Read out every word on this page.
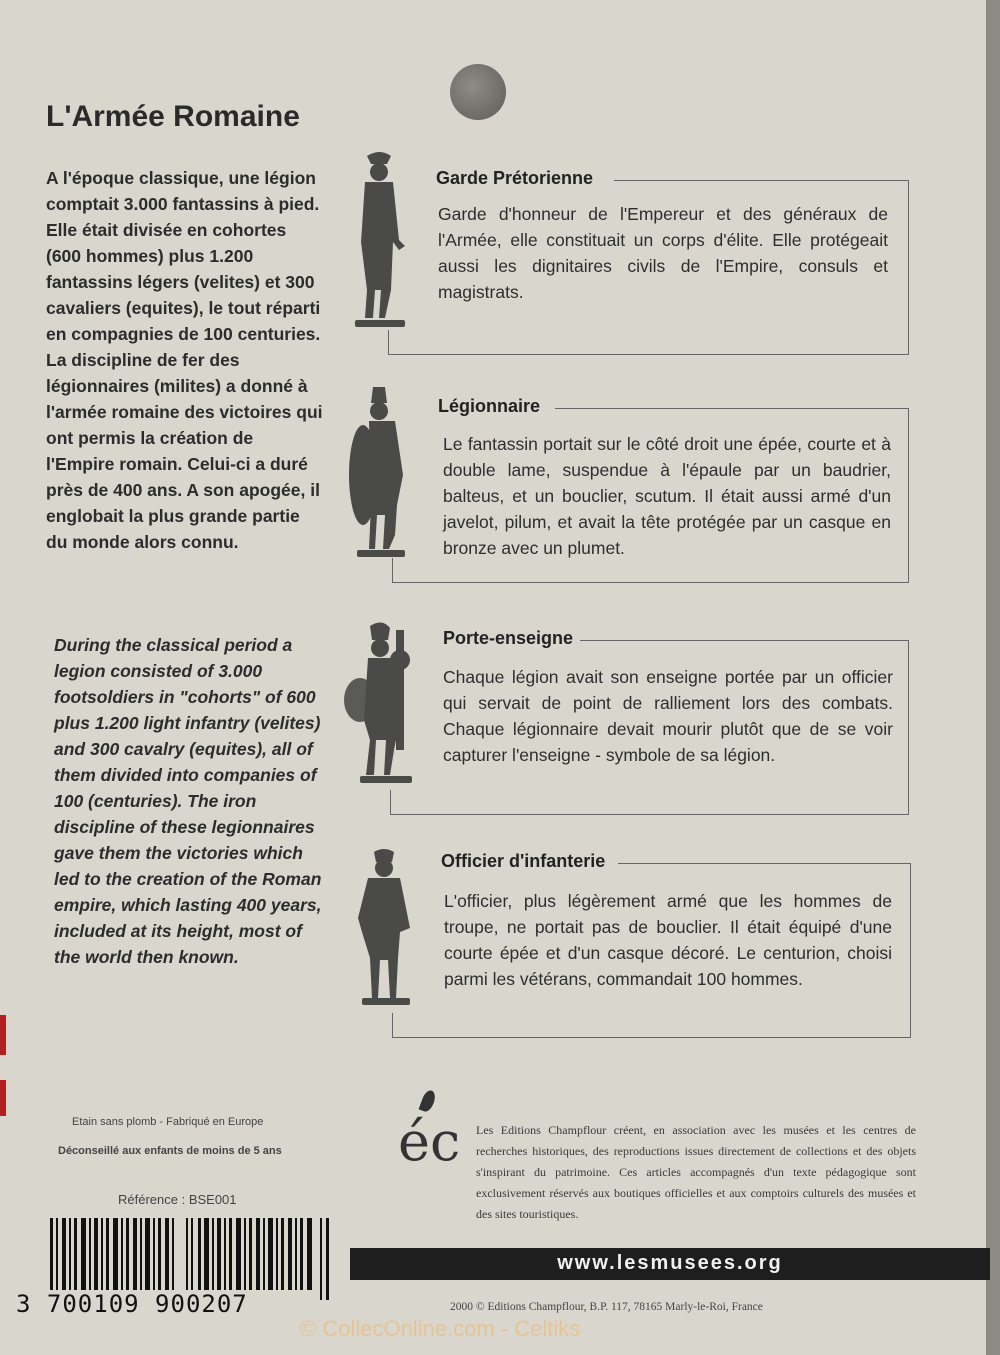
L'Armée Romaine
A l'époque classique, une légion comptait 3.000 fantassins à pied. Elle était divisée en cohortes (600 hommes) plus 1.200 fantassins légers (velites) et 300 cavaliers (equites), le tout réparti en compagnies de 100 centuries. La discipline de fer des légionnaires (milites) a donné à l'armée romaine des victoires qui ont permis la création de l'Empire romain. Celui-ci a duré près de 400 ans. A son apogée, il englobait la plus grande partie du monde alors connu.
During the classical period a legion consisted of 3.000 footsoldiers in "cohorts" of 600 plus 1.200 light infantry (velites) and 300 cavalry (equites), all of them divided into companies of 100 (centuries). The iron discipline of these legionnaires gave them the victories which led to the creation of the Roman empire, which lasting 400 years, included at its height, most of the world then known.
Garde Prétorienne
Garde d'honneur de l'Empereur et des généraux de l'Armée, elle constituait un corps d'élite. Elle protégeait aussi les dignitaires civils de l'Empire, consuls et magistrats.
Légionnaire
Le fantassin portait sur le côté droit une épée, courte et à double lame, suspendue à l'épaule par un baudrier, balteus, et un bouclier, scutum. Il était aussi armé d'un javelot, pilum, et avait la tête protégée par un casque en bronze avec un plumet.
Porte-enseigne
Chaque légion avait son enseigne portée par un officier qui servait de point de ralliement lors des combats. Chaque légionnaire devait mourir plutôt que de se voir capturer l'enseigne - symbole de sa légion.
Officier d'infanterie
L'officier, plus légèrement armé que les hommes de troupe, ne portait pas de bouclier. Il était équipé d'une courte épée et d'un casque décoré. Le centurion, choisi parmi les vétérans, commandait 100 hommes.
Etain sans plomb - Fabriqué en Europe
Déconseillé aux enfants de moins de 5 ans
Référence : BSE001
3 700109 900207
éc Les Editions Champflour créent, en association avec les musées et les centres de recherches historiques, des reproductions issues directement de collections et des objets s'inspirant du patrimoine. Ces articles accompagnés d'un texte pédagogique sont exclusivement réservés aux boutiques officielles et aux comptoirs culturels des musées et des sites touristiques.
www.lesmusees.org
2000 © Editions Champflour, B.P. 117, 78165 Marly-le-Roi, France
© CollecOnline.com - Celtiks
